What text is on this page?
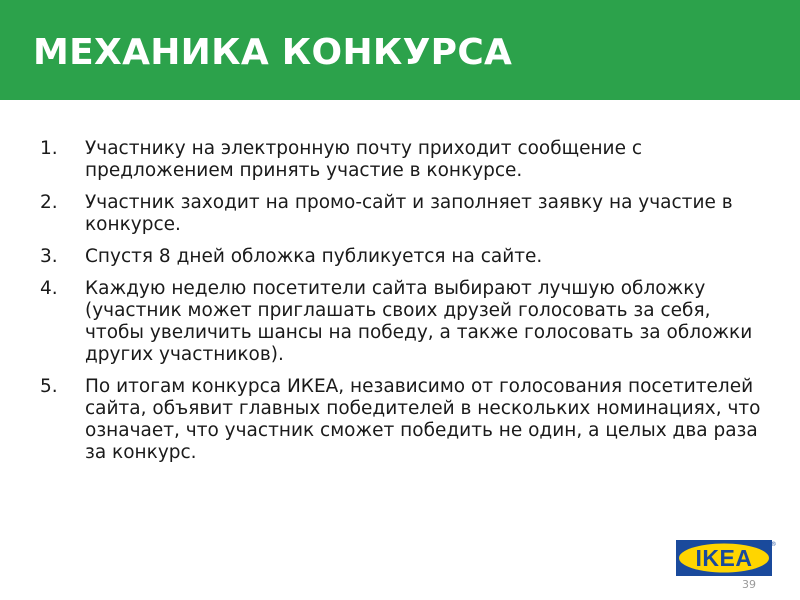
МЕХАНИКА КОНКУРСА
1.	Участнику на электронную почту приходит сообщение с предложением принять участие в конкурсе.
2.	Участник заходит на промо-сайт и заполняет заявку на участие в конкурсе.
3.	Спустя 8 дней обложка публикуется на сайте.
4.	Каждую неделю посетители сайта выбирают лучшую обложку (участник может приглашать своих друзей голосовать за себя, чтобы увеличить шансы на победу, а также голосовать за обложки других участников).
5.	По итогам конкурса ИКЕА, независимо от голосования посетителей сайта, объявит главных победителей в нескольких номинациях, что означает, что участник сможет победить не один, а целых два раза за конкурс.
IKEA
®
39
